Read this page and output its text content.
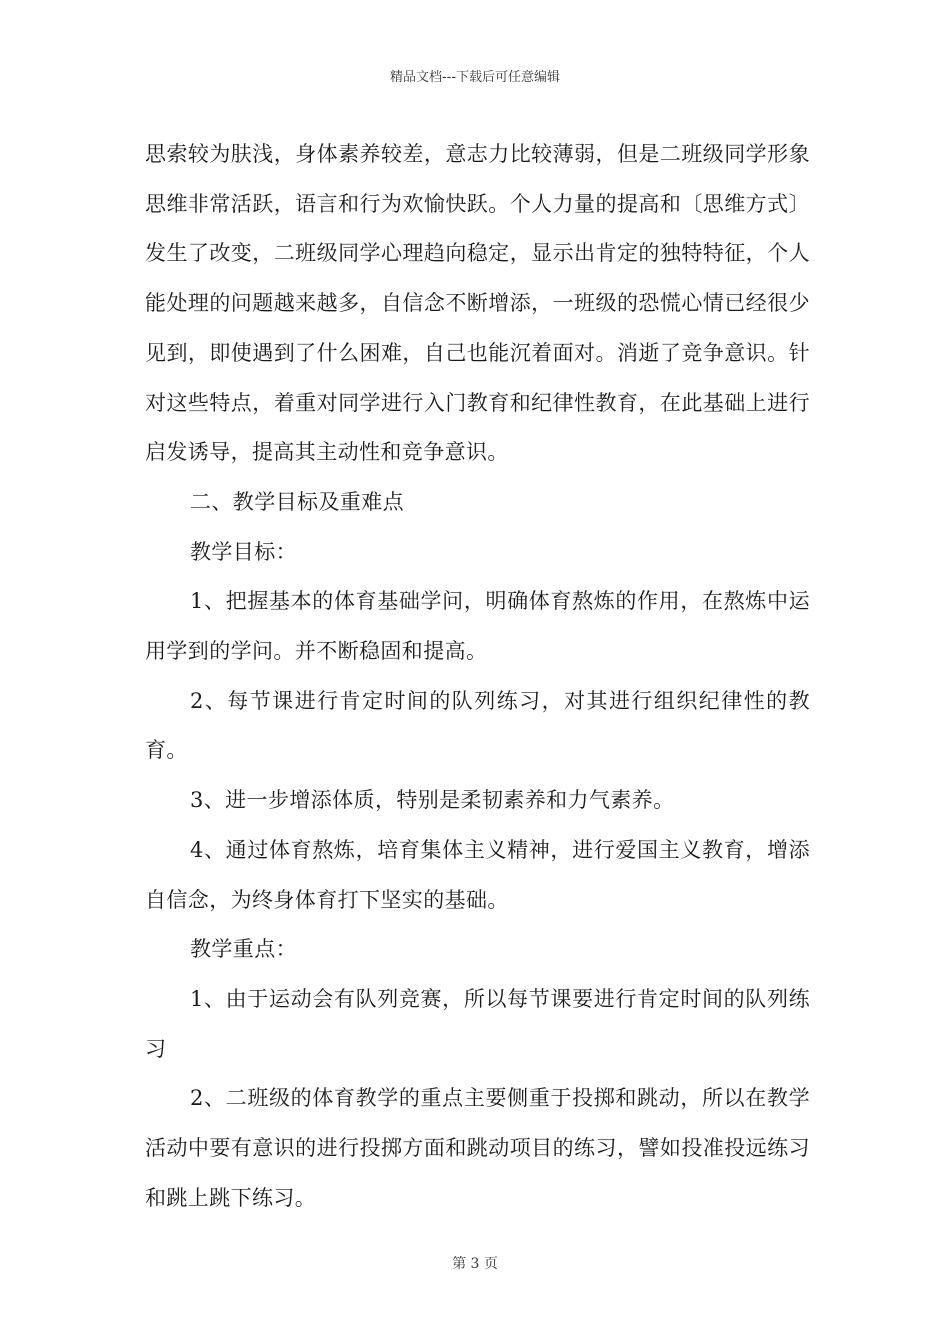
精品文档---下载后可任意编辑

思索较为肤浅，身体素养较差，意志力比较薄弱，但是二班级同学形象思维非常活跃，语言和行为欢愉快跃。个人力量的提高和〔思维方式〕发生了改变，二班级同学心理趋向稳定，显示出肯定的独特特征，个人能处理的问题越来越多，自信念不断增添，一班级的恐慌心情已经很少见到，即使遇到了什么困难，自己也能沉着面对。消逝了竞争意识。针对这些特点，着重对同学进行入门教育和纪律性教育，在此基础上进行启发诱导，提高其主动性和竞争意识。

二、教学目标及重难点

教学目标：

1、把握基本的体育基础学问，明确体育熬炼的作用，在熬炼中运用学到的学问。并不断稳固和提高。

2、每节课进行肯定时间的队列练习，对其进行组织纪律性的教育。

3、进一步增添体质，特别是柔韧素养和力气素养。

4、通过体育熬炼，培育集体主义精神，进行爱国主义教育，增添自信念，为终身体育打下坚实的基础。

教学重点：

1、由于运动会有队列竞赛，所以每节课要进行肯定时间的队列练习

2、二班级的体育教学的重点主要侧重于投掷和跳动，所以在教学活动中要有意识的进行投掷方面和跳动项目的练习，譬如投准投远练习和跳上跳下练习。

第 3 页
